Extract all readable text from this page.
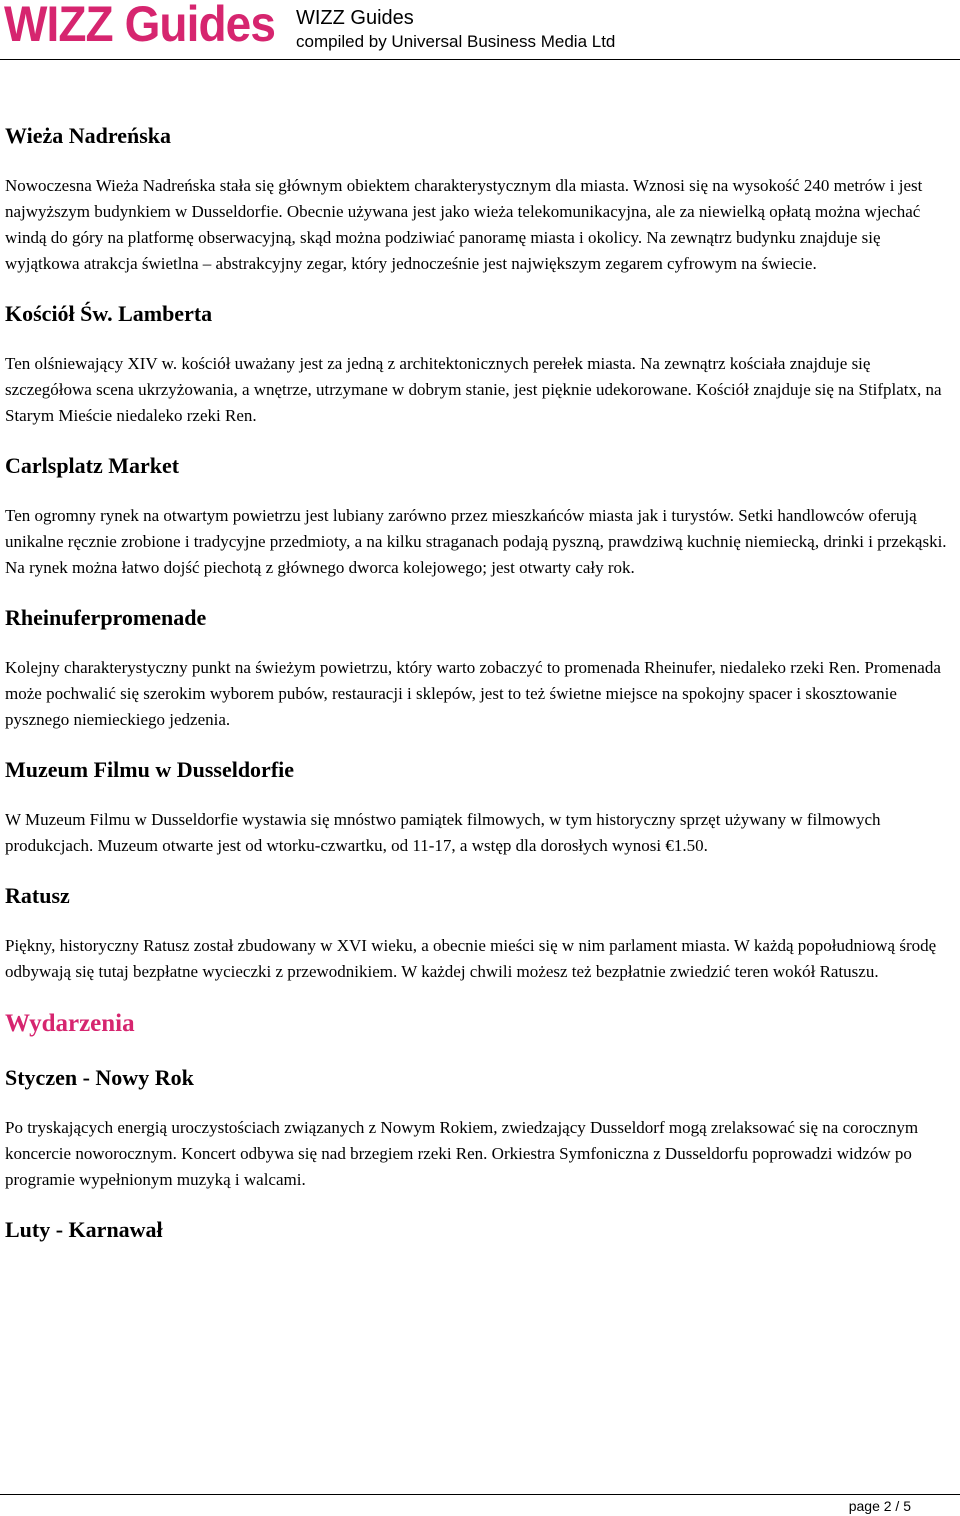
WIZZ Guides WIZZ Guides
compiled by Universal Business Media Ltd
Wieża Nadreńska

Nowoczesna Wieża Nadreńska stała się głównym obiektem charakterystycznym dla miasta. Wznosi się na wysokość 240 metrów i jest najwyższym budynkiem w Dusseldorfie. Obecnie używana jest jako wieża telekomunikacyjna, ale za niewielką opłatą można wjechać windą do góry na platformę obserwacyjną, skąd można podziwiać panoramę miasta i okolicy. Na zewnątrz budynku znajduje się wyjątkowa atrakcja świetlna – abstrakcyjny zegar, który jednocześnie jest największym zegarem cyfrowym na świecie.

Kościół Św. Lamberta

Ten olśniewający XIV w. kościół uważany jest za jedną z architektonicznych perełek miasta. Na zewnątrz kościała znajduje się szczegółowa scena ukrzyżowania, a wnętrze, utrzymane w dobrym stanie, jest pięknie udekorowane. Kościół znajduje się na Stifplatx, na Starym Mieście niedaleko rzeki Ren.

Carlsplatz Market

Ten ogromny rynek na otwartym powietrzu jest lubiany zarówno przez mieszkańców miasta jak i turystów. Setki handlowców oferują unikalne ręcznie zrobione i tradycyjne przedmioty, a na kilku straganach podają pyszną, prawdziwą kuchnię niemiecką, drinki i przekąski. Na rynek można łatwo dojść piechotą z głównego dworca kolejowego; jest otwarty cały rok.

Rheinuferpromenade

Kolejny charakterystyczny punkt na świeżym powietrzu, który warto zobaczyć to promenada Rheinufer, niedaleko rzeki Ren. Promenada może pochwalić się szerokim wyborem pubów, restauracji i sklepów, jest to też świetne miejsce na spokojny spacer i skosztowanie pysznego niemieckiego jedzenia.

Muzeum Filmu w Dusseldorfie

W Muzeum Filmu w Dusseldorfie wystawia się mnóstwo pamiątek filmowych, w tym historyczny sprzęt używany w filmowych produkcjach. Muzeum otwarte jest od wtorku-czwartku, od 11-17, a wstęp dla dorosłych wynosi €1.50.

Ratusz

Piękny, historyczny Ratusz został zbudowany w XVI wieku, a obecnie mieści się w nim parlament miasta. W każdą popołudniową środę odbywają się tutaj bezpłatne wycieczki z przewodnikiem. W każdej chwili możesz też bezpłatnie zwiedzić teren wokół Ratuszu.

Wydarzenia
Styczen - Nowy Rok

Po tryskających energią uroczystościach związanych z Nowym Rokiem, zwiedzający Dusseldorf mogą zrelaksować się na corocznym koncercie noworocznym. Koncert odbywa się nad brzegiem rzeki Ren. Orkiestra Symfoniczna z Dusseldorfu poprowadzi widzów po programie wypełnionym muzyką i walcami.

Luty - Karnawał
page 2 / 5
